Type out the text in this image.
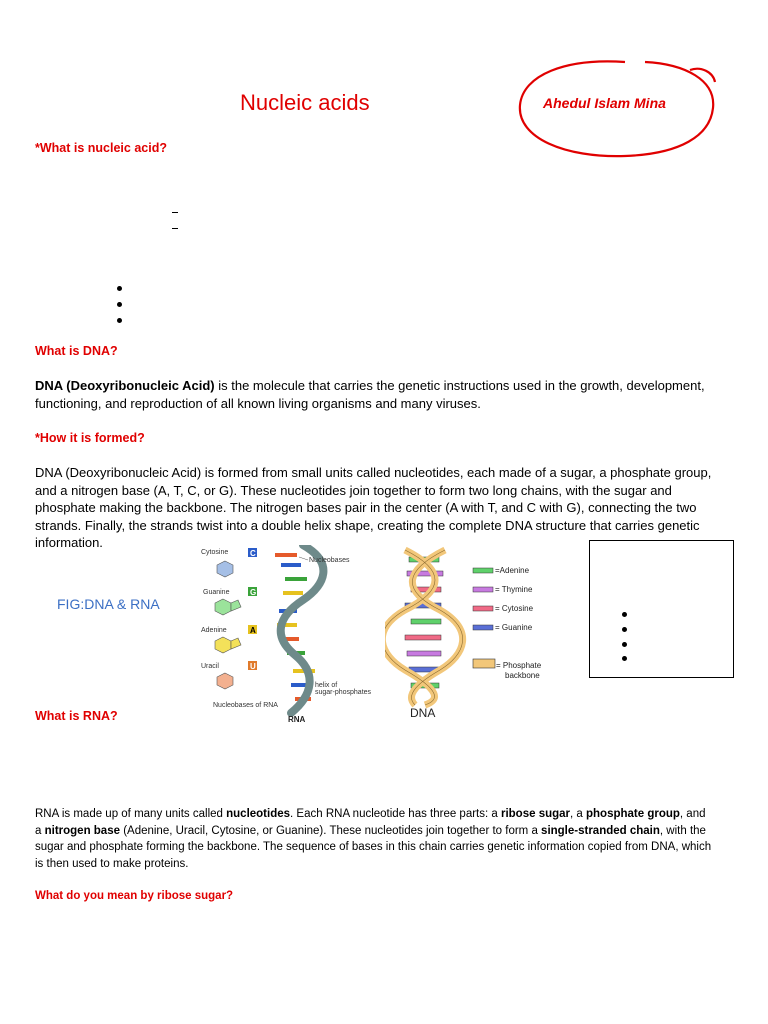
Nucleic acids	Ahedul Islam Mina
*What is nucleic acid?
What is DNA?
DNA (Deoxyribonucleic Acid) is the molecule that carries the genetic instructions used in the growth, development, functioning, and reproduction of all known living organisms and many viruses.
*How it is formed?
DNA (Deoxyribonucleic Acid) is formed from small units called nucleotides, each made of a sugar, a phosphate group, and a nitrogen base (A, T, C, or G). These nucleotides join together to form two long chains, with the sugar and phosphate making the backbone. The nitrogen bases pair in the center (A with T, and C with G), connecting the two strands. Finally, the strands twist into a double helix shape, creating the complete DNA structure that carries genetic information.
FIG:DNA & RNA
Cytosine
Guanine
Adenine
Uracil
C
G
A
U
Nucleobases
helix of
sugar-phosphates
Nucleobases of RNA
RNA	DNA
=Adenine
= Thymine
= Cytosine
= Guanine
= Phosphate
backbone
What is RNA?
RNA is made up of many units called nucleotides. Each RNA nucleotide has three parts: a ribose sugar, a phosphate group, and a nitrogen base (Adenine, Uracil, Cytosine, or Guanine). These nucleotides join together to form a single-stranded chain, with the sugar and phosphate forming the backbone. The sequence of bases in this chain carries genetic information copied from DNA, which is then used to make proteins.
What do you mean by ribose sugar?
